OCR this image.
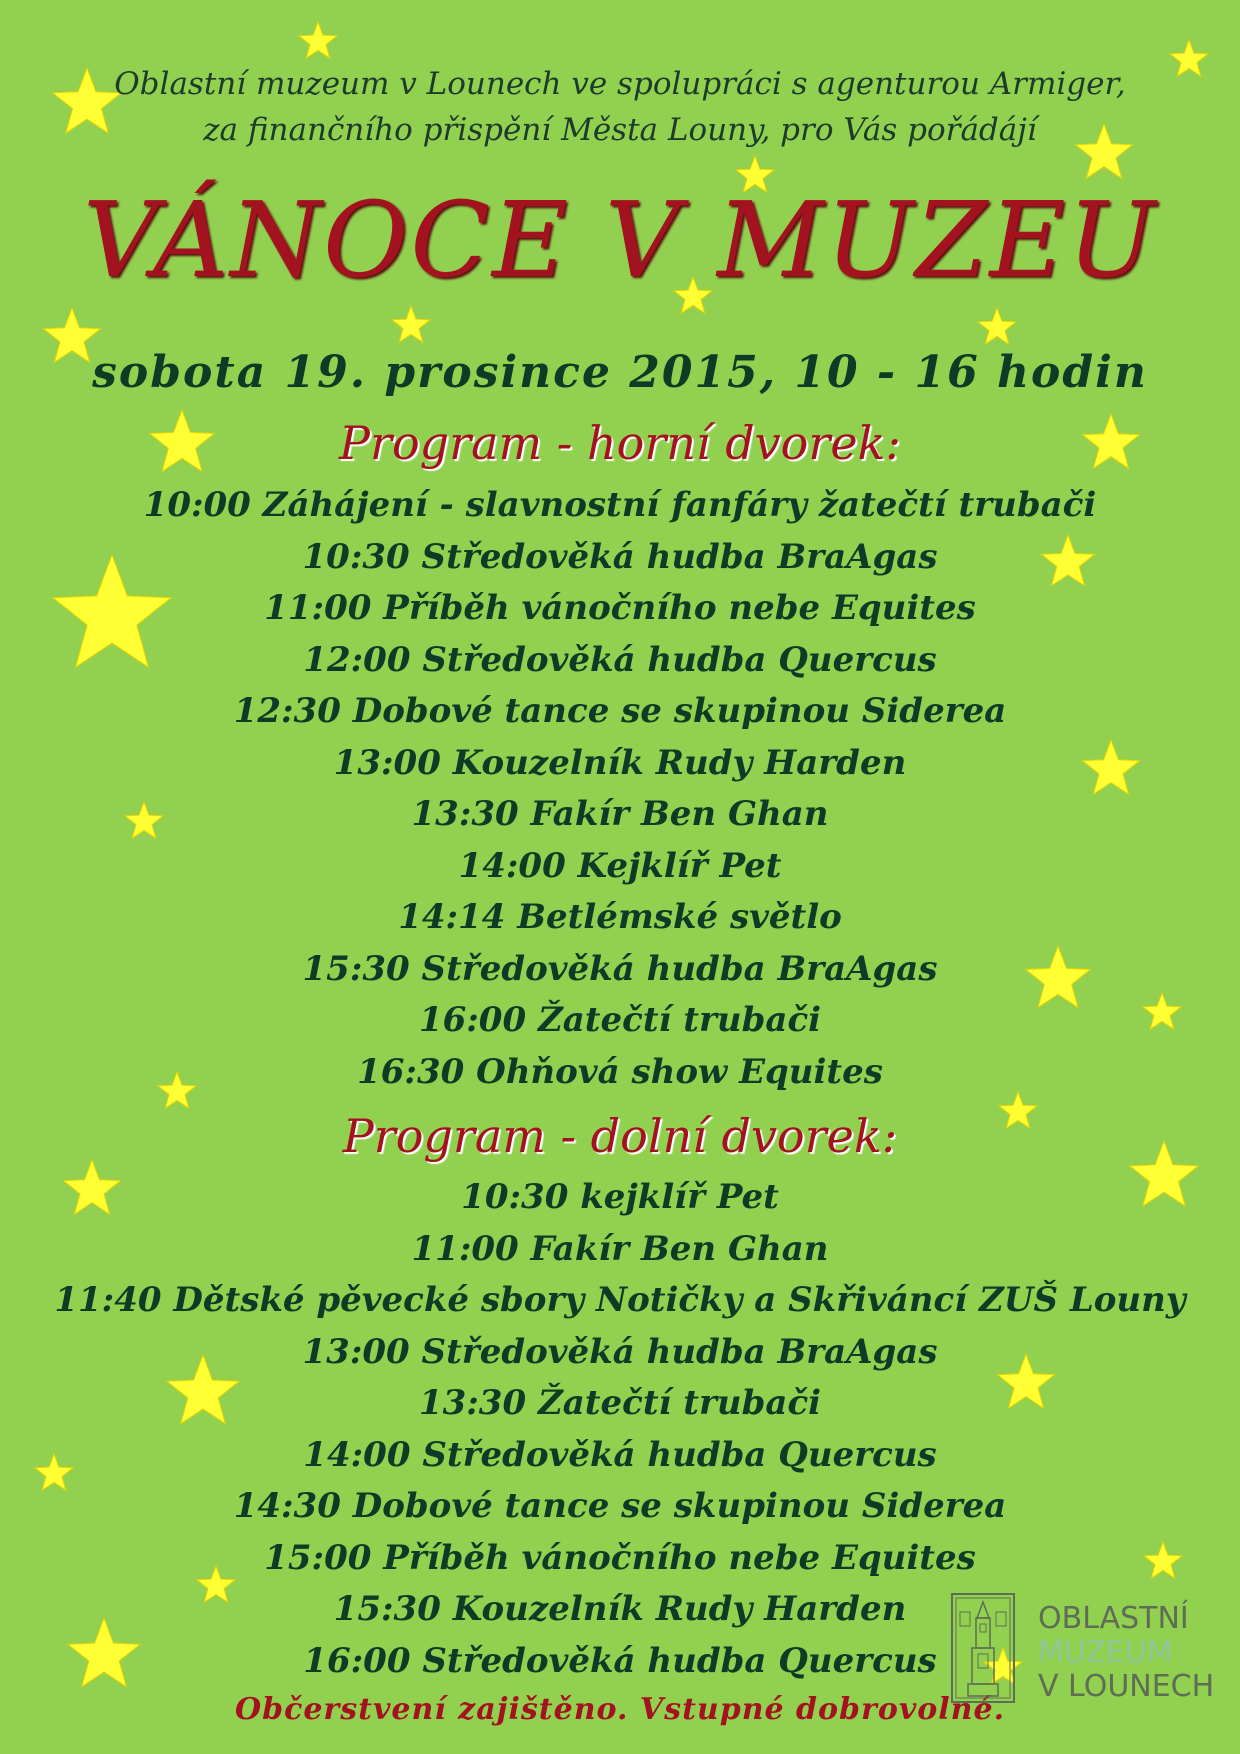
Oblastní muzeum v Lounech ve spolupráci s agenturou Armiger,
za finančního přispění Města Louny, pro Vás pořádájí
VÁNOCE V MUZEU
sobota 19. prosince 2015, 10 - 16 hodin
Program - horní dvorek:
10:00 Záhájení - slavnostní fanfáry žatečtí trubači
10:30 Středověká hudba BraAgas
11:00 Příběh vánočního nebe Equites
12:00 Středověká hudba Quercus
12:30 Dobové tance se skupinou Siderea
13:00 Kouzelník Rudy Harden
13:30 Fakír Ben Ghan
14:00 Kejklíř Pet
14:14 Betlémské světlo
15:30 Středověká hudba BraAgas
16:00 Žatečtí trubači
16:30 Ohňová show Equites
Program - dolní dvorek:
10:30 kejklíř Pet
11:00 Fakír Ben Ghan
11:40 Dětské pěvecké sbory Notičky a Skřiváncí ZUŠ Louny
13:00 Středověká hudba BraAgas
13:30 Žatečtí trubači
14:00 Středověká hudba Quercus
14:30 Dobové tance se skupinou Siderea
15:00 Příběh vánočního nebe Equites
15:30 Kouzelník Rudy Harden
16:00 Středověká hudba Quercus
Občerstvení zajištěno. Vstupné dobrovolné.
OBLASTNÍ
MUZEUM
V LOUNECH
